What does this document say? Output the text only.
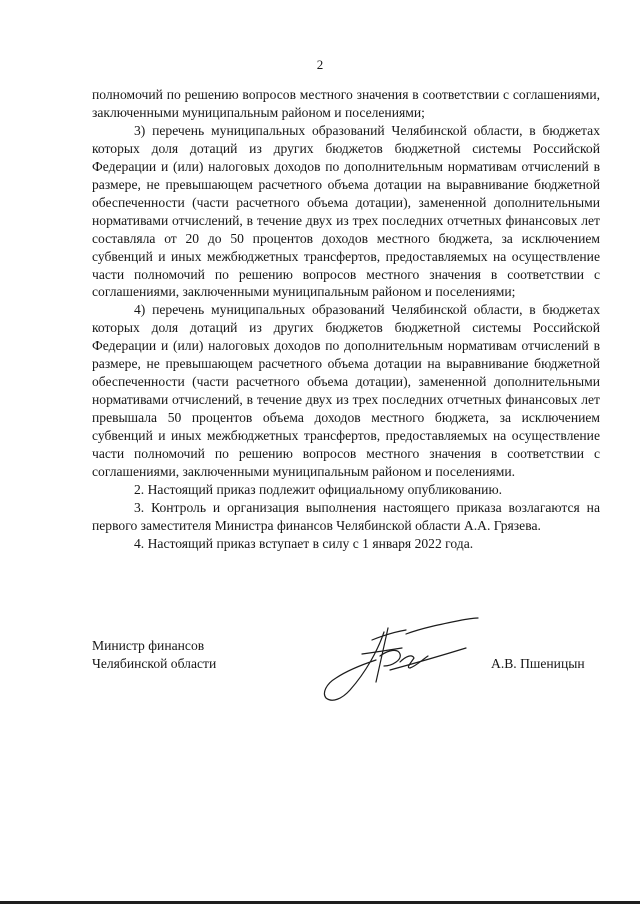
2

полномочий по решению вопросов местного значения в соответствии с соглашениями, заключенными муниципальным районом и поселениями;

3) перечень муниципальных образований Челябинской области, в бюджетах которых доля дотаций из других бюджетов бюджетной системы Российской Федерации и (или) налоговых доходов по дополнительным нормативам отчислений в размере, не превышающем расчетного объема дотации на выравнивание бюджетной обеспеченности (части расчетного объема дотации), замененной дополнительными нормативами отчислений, в течение двух из трех последних отчетных финансовых лет составляла от 20 до 50 процентов доходов местного бюджета, за исключением субвенций и иных межбюджетных трансфертов, предоставляемых на осуществление части полномочий по решению вопросов местного значения в соответствии с соглашениями, заключенными муниципальным районом и поселениями;

4) перечень муниципальных образований Челябинской области, в бюджетах которых доля дотаций из других бюджетов бюджетной системы Российской Федерации и (или) налоговых доходов по дополнительным нормативам отчислений в размере, не превышающем расчетного объема дотации на выравнивание бюджетной обеспеченности (части расчетного объема дотации), замененной дополнительными нормативами отчислений, в течение двух из трех последних отчетных финансовых лет превышала 50 процентов объема доходов местного бюджета, за исключением субвенций и иных межбюджетных трансфертов, предоставляемых на осуществление части полномочий по решению вопросов местного значения в соответствии с соглашениями, заключенными муниципальным районом и поселениями.

2. Настоящий приказ подлежит официальному опубликованию.

3. Контроль и организация выполнения настоящего приказа возлагаются на первого заместителя Министра финансов Челябинской области А.А. Грязева.

4. Настоящий приказ вступает в силу с 1 января 2022 года.

Министр финансов
Челябинской области	А.В. Пшеницын
